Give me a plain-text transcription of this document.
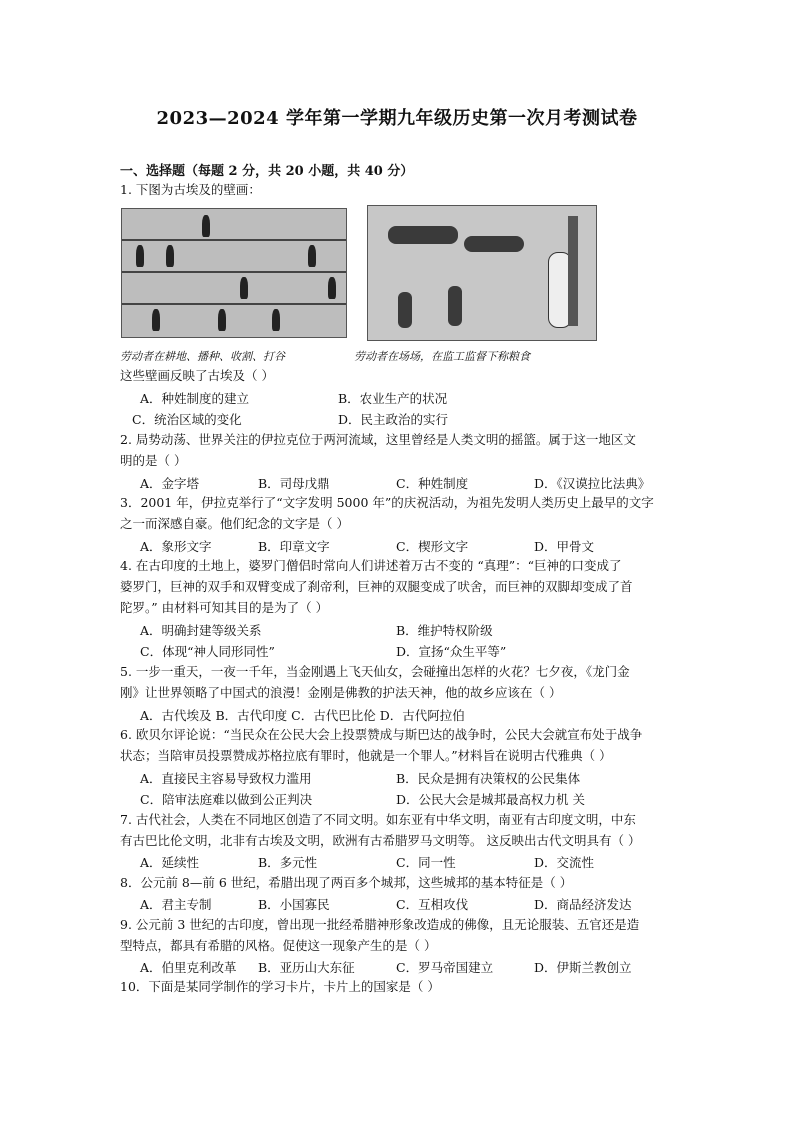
2023—2024 学年第一学期九年级历史第一次月考测试卷
一、选择题（每题 2 分，共 20 小题，共 40 分）
1. 下图为古埃及的壁画：
劳动者在耕地、播种、收割、打谷	劳动者在场场，在监工监督下称粮食
这些壁画反映了古埃及（ ）
A．种姓制度的建立	B．农业生产的状况
C．统治区域的变化	D．民主政治的实行
2. 局势动荡、世界关注的伊拉克位于两河流域，这里曾经是人类文明的摇篮。属于这一地区文
明的是（ ）
A．金字塔	B．司母戊鼎	C．种姓制度	D．《汉谟拉比法典》
3．2001 年，伊拉克举行了“文字发明 5000 年”的庆祝活动，为祖先发明人类历史上最早的文字
之一而深感自豪。他们纪念的文字是（ ）
A．象形文字	B．印章文字	C．楔形文字	D．甲骨文
4. 在古印度的土地上，婆罗门僧侣时常向人们讲述着万古不变的 “真理”：“巨神的口变成了
婆罗门，巨神的双手和双臂变成了刹帝利，巨神的双腿变成了吠舍，而巨神的双脚却变成了首
陀罗。” 由材料可知其目的是为了（ ）
A．明确封建等级关系	B．维护特权阶级
C．体现“神人同形同性”	D．宣扬“众生平等”
5. 一步一重天，一夜一千年，当金刚遇上飞天仙女，会碰撞出怎样的火花？七夕夜，《龙门金
刚》让世界领略了中国式的浪漫！金刚是佛教的护法天神，他的故乡应该在（ ）
A．古代埃及 B．古代印度 C．古代巴比伦 D．古代阿拉伯
6. 欧贝尔评论说：“当民众在公民大会上投票赞成与斯巴达的战争时，公民大会就宣布处于战争
状态；当陪审员投票赞成苏格拉底有罪时，他就是一个罪人。”材料旨在说明古代雅典（ ）
A．直接民主容易导致权力滥用	B．民众是拥有决策权的公民集体
C．陪审法庭难以做到公正判决	D．公民大会是城邦最高权力机 关
7. 古代社会，人类在不同地区创造了不同文明。如东亚有中华文明，南亚有古印度文明，中东
有古巴比伦文明，北非有古埃及文明，欧洲有古希腊罗马文明等。 这反映出古代文明具有（ ）
A．延续性	B．多元性	C．同一性	D．交流性
8．公元前 8—前 6 世纪，希腊出现了两百多个城邦，这些城邦的基本特征是（ ）
A．君主专制	B．小国寡民	C．互相攻伐	D．商品经济发达
9. 公元前 3 世纪的古印度，曾出现一批经希腊神形象改造成的佛像，且无论服装、五官还是造
型特点，都具有希腊的风格。促使这一现象产生的是（ ）
A．伯里克利改革 B．亚历山大东征	C．罗马帝国建立	D．伊斯兰教创立
10．下面是某同学制作的学习卡片，卡片上的国家是（ ）
